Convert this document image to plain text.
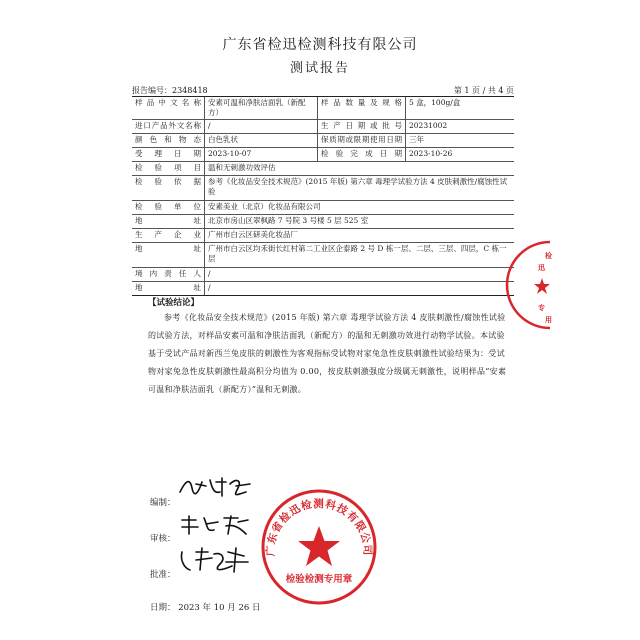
广东省检迅检测科技有限公司
测试报告
报告编号：2348418	第 1 页 / 共 4 页
样品中文名称 安素可温和净肤洁面乳（新配方）
样品数量及规格 5 盒，100g/盒
进口产品外文名称 /	生产日期或批号 20231002
颜色和物态 白色乳状	保质期或限期使用日期 三年
受理日期 2023-10-07	检验完成日期 2023-10-26
检验项目 温和无刺激功效评估
检验依据 参考《化妆品安全技术规范》(2015 年版) 第六章 毒理学试验方法 4 皮肤刺激性/腐蚀性试验
检验单位 安素美业（北京）化妆品有限公司
地址 北京市房山区翠枫路 7 号院 3 号楼 5 层 525 室
生产企业 广州市白云区研美化妆品厂
地址 广州市白云区均禾街长红村第二工业区企泰路 2 号 D 栋一层、二层、三层、四层，C 栋一层
境内责任人 /
地址 /
【试验结论】
参考《化妆品安全技术规范》(2015 年版) 第六章 毒理学试验方法 4 皮肤刺激性/腐蚀性试验的试验方法，对样品安素可温和净肤洁面乳（新配方）的温和无刺激功效进行动物学试验。本试验基于受试产品对新西兰兔皮肤的刺激性为客观指标受试物对家兔急性皮肤刺激性试验结果为：受试物对家兔急性皮肤刺激性最高积分均值为 0.00，按皮肤刺激强度分级属无刺激性，说明样品“安素可温和净肤洁面乳（新配方）”温和无刺激。
编制：
审核：
批准：
日期： 2023 年 10 月 26 日
广东省检迅检测科技有限公司
检验检测专用章
检
迅
专
用
